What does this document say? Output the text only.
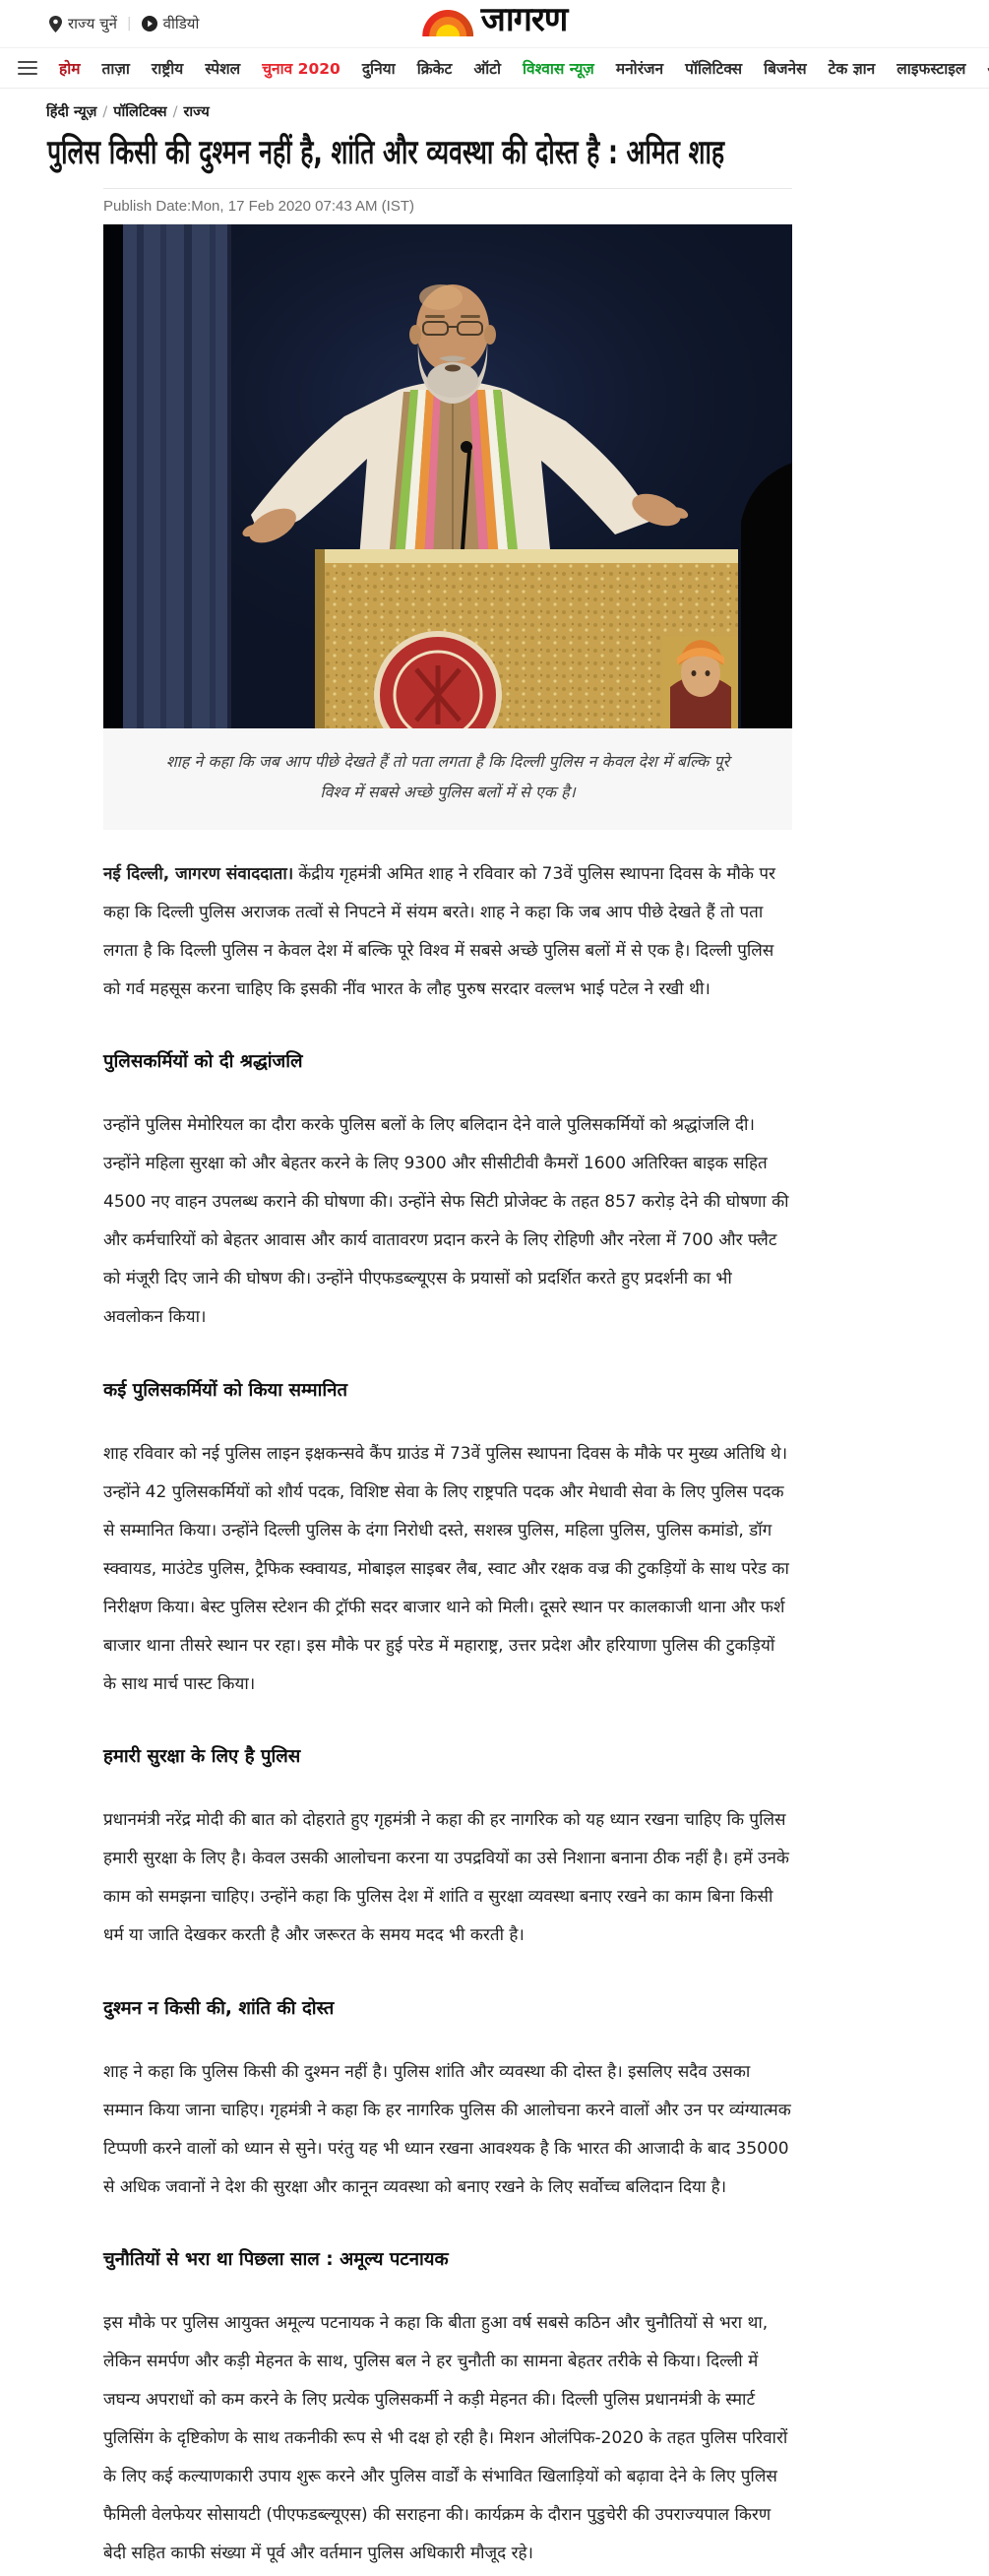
राज्य चुनें | वीडियो	जागरण
होम ताज़ा राष्ट्रीय स्पेशल चुनाव 2020 दुनिया क्रिकेट ऑटो विश्वास न्यूज़ मनोरंजन पॉलिटिक्स बिजनेस टेक ज्ञान लाइफस्टाइल
हिंदी न्यूज़ / पॉलिटिक्स / राज्य
पुलिस किसी की दुश्मन नहीं है, शांति और व्यवस्था की दोस्त है : अमित शाह
Publish Date:Mon, 17 Feb 2020 07:43 AM (IST)
शाह ने कहा कि जब आप पीछे देखते हैं तो पता लगता है कि दिल्ली पुलिस न केवल देश में बल्कि पूरे विश्व में सबसे अच्छे पुलिस बलों में से एक है।

नई दिल्ली, जागरण संवाददाता। केंद्रीय गृहमंत्री अमित शाह ने रविवार को 73वें पुलिस स्थापना दिवस के मौके पर कहा कि दिल्ली पुलिस अराजक तत्वों से निपटने में संयम बरते। शाह ने कहा कि जब आप पीछे देखते हैं तो पता लगता है कि दिल्ली पुलिस न केवल देश में बल्कि पूरे विश्व में सबसे अच्छे पुलिस बलों में से एक है। दिल्ली पुलिस को गर्व महसूस करना चाहिए कि इसकी नींव भारत के लौह पुरुष सरदार वल्लभ भाई पटेल ने रखी थी।

पुलिसकर्मियों को दी श्रद्धांजलि

उन्होंने पुलिस मेमोरियल का दौरा करके पुलिस बलों के लिए बलिदान देने वाले पुलिसकर्मियों को श्रद्धांजलि दी। उन्होंने महिला सुरक्षा को और बेहतर करने के लिए 9300 और सीसीटीवी कैमरों 1600 अतिरिक्त बाइक सहित 4500 नए वाहन उपलब्ध कराने की घोषणा की। उन्होंने सेफ सिटी प्रोजेक्ट के तहत 857 करोड़ देने की घोषणा की और कर्मचारियों को बेहतर आवास और कार्य वातावरण प्रदान करने के लिए रोहिणी और नरेला में 700 और फ्लैट को मंजूरी दिए जाने की घोषण की। उन्होंने पीएफडब्ल्यूएस के प्रयासों को प्रदर्शित करते हुए प्रदर्शनी का भी अवलोकन किया।

कई पुलिसकर्मियों को किया सम्मानित

शाह रविवार को नई पुलिस लाइन इक्षकन्सवे कैंप ग्राउंड में 73वें पुलिस स्थापना दिवस के मौके पर मुख्य अतिथि थे। उन्होंने 42 पुलिसकर्मियों को शौर्य पदक, विशिष्ट सेवा के लिए राष्ट्रपति पदक और मेधावी सेवा के लिए पुलिस पदक से सम्मानित किया। उन्होंने दिल्ली पुलिस के दंगा निरोधी दस्ते, सशस्त्र पुलिस, महिला पुलिस, पुलिस कमांडो, डॉग स्क्वायड, माउंटेड पुलिस, ट्रैफिक स्क्वायड, मोबाइल साइबर लैब, स्वाट और रक्षक वज्र की टुकड़ियों के साथ परेड का निरीक्षण किया। बेस्ट पुलिस स्टेशन की ट्रॉफी सदर बाजार थाने को मिली। दूसरे स्थान पर कालकाजी थाना और फर्श बाजार थाना तीसरे स्थान पर रहा। इस मौके पर हुई परेड में महाराष्ट्र, उत्तर प्रदेश और हरियाणा पुलिस की टुकड़ियों के साथ मार्च पास्ट किया।

हमारी सुरक्षा के लिए है पुलिस

प्रधानमंत्री नरेंद्र मोदी की बात को दोहराते हुए गृहमंत्री ने कहा की हर नागरिक को यह ध्यान रखना चाहिए कि पुलिस हमारी सुरक्षा के लिए है। केवल उसकी आलोचना करना या उपद्रवियों का उसे निशाना बनाना ठीक नहीं है। हमें उनके काम को समझना चाहिए। उन्होंने कहा कि पुलिस देश में शांति व सुरक्षा व्यवस्था बनाए रखने का काम बिना किसी धर्म या जाति देखकर करती है और जरूरत के समय मदद भी करती है।

दुश्मन न किसी की, शांति की दोस्त

शाह ने कहा कि पुलिस किसी की दुश्मन नहीं है। पुलिस शांति और व्यवस्था की दोस्त है। इसलिए सदैव उसका सम्मान किया जाना चाहिए। गृहमंत्री ने कहा कि हर नागरिक पुलिस की आलोचना करने वालों और उन पर व्यंग्यात्मक टिप्पणी करने वालों को ध्यान से सुने। परंतु यह भी ध्यान रखना आवश्यक है कि भारत की आजादी के बाद 35000 से अधिक जवानों ने देश की सुरक्षा और कानून व्यवस्था को बनाए रखने के लिए सर्वोच्च बलिदान दिया है।

चुनौतियों से भरा था पिछला साल : अमूल्य पटनायक

इस मौके पर पुलिस आयुक्त अमूल्य पटनायक ने कहा कि बीता हुआ वर्ष सबसे कठिन और चुनौतियों से भरा था, लेकिन समर्पण और कड़ी मेहनत के साथ, पुलिस बल ने हर चुनौती का सामना बेहतर तरीके से किया। दिल्ली में जघन्य अपराधों को कम करने के लिए प्रत्येक पुलिसकर्मी ने कड़ी मेहनत की। दिल्ली पुलिस प्रधानमंत्री के स्मार्ट पुलिसिंग के दृष्टिकोण के साथ तकनीकी रूप से भी दक्ष हो रही है। मिशन ओलंपिक-2020 के तहत पुलिस परिवारों के लिए कई कल्याणकारी उपाय शुरू करने और पुलिस वार्डों के संभावित खिलाड़ियों को बढ़ावा देने के लिए पुलिस फैमिली वेलफेयर सोसायटी (पीएफडब्ल्यूएस) की सराहना की। कार्यक्रम के दौरान पुडुचेरी की उपराज्यपाल किरण बेदी सहित काफी संख्या में पूर्व और वर्तमान पुलिस अधिकारी मौजूद रहे।
